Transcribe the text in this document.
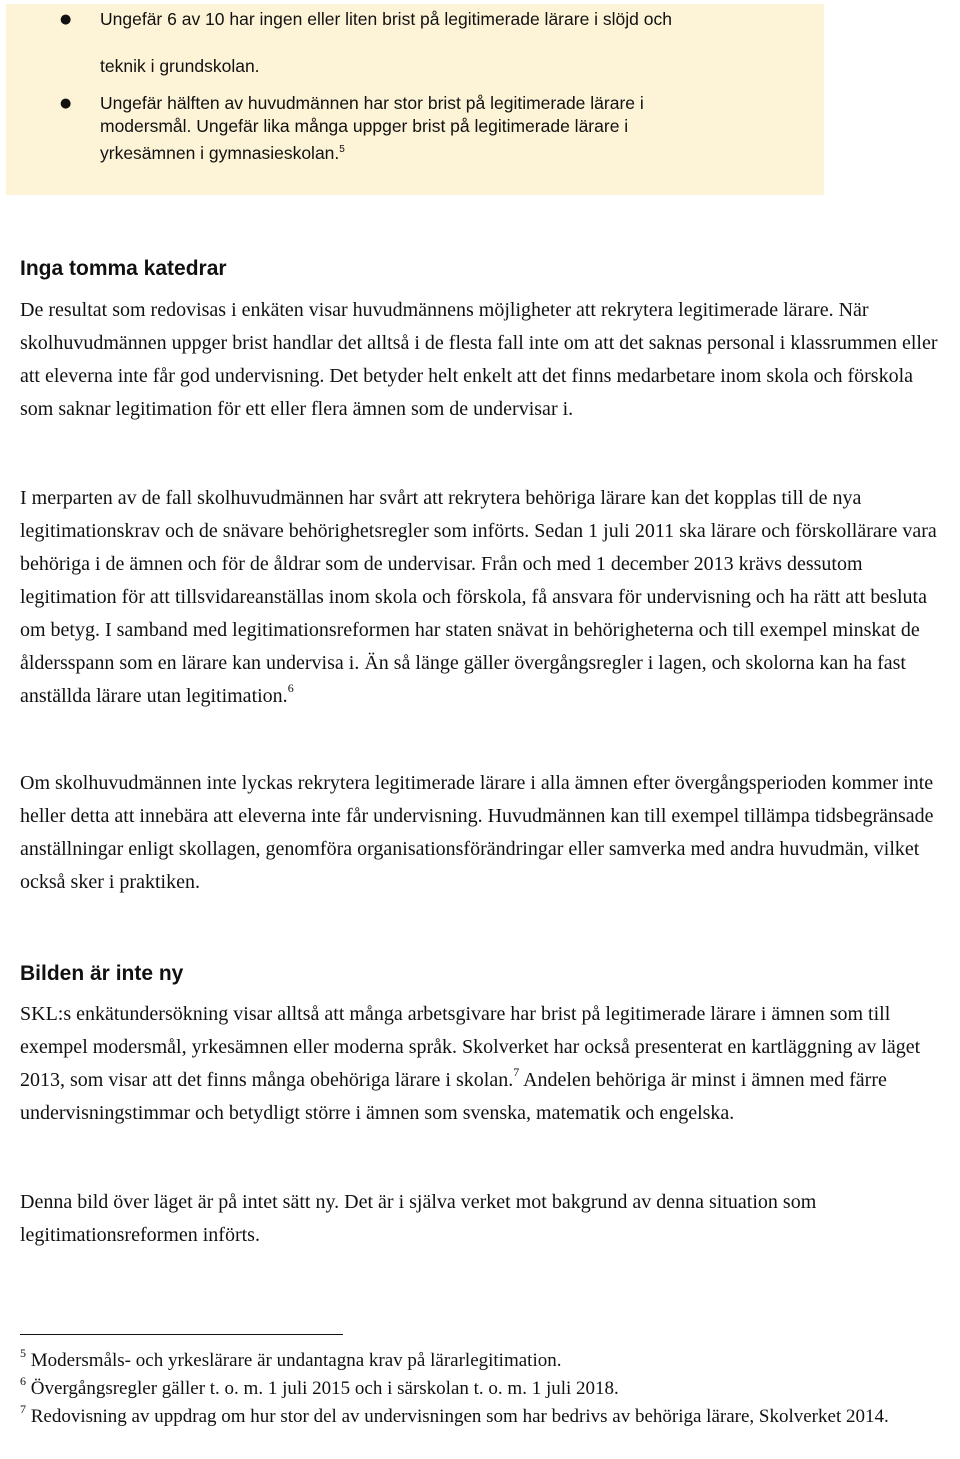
● Ungefär 6 av 10 har ingen eller liten brist på legitimerade lärare i slöjd och
teknik i grundskolan.
● Ungefär hälften av huvudmännen har stor brist på legitimerade lärare i
modersmål. Ungefär lika många uppger brist på legitimerade lärare i
yrkesämnen i gymnasieskolan.$^5$
Inga tomma katedrar

De resultat som redovisas i enkäten visar huvudmännens möjligheter att rekrytera legitimerade lärare. När skolhuvudmännen uppger brist handlar det alltså i de flesta fall inte om att det saknas personal i klassrummen eller att eleverna inte får god undervisning. Det betyder helt enkelt att det finns medarbetare inom skola och förskola som saknar legitimation för ett eller flera ämnen som de undervisar i.

I merparten av de fall skolhuvudmännen har svårt att rekrytera behöriga lärare kan det kopplas till de nya legitimationskrav och de snävare behörighetsregler som införts. Sedan 1 juli 2011 ska lärare och förskollärare vara behöriga i de ämnen och för de åldrar som de undervisar. Från och med 1 december 2013 krävs dessutom legitimation för att tillsvidareanställas inom skola och förskola, få ansvara för undervisning och ha rätt att besluta om betyg. I samband med legitimationsreformen har staten snävat in behörigheterna och till exempel minskat de åldersspann som en lärare kan undervisa i. Än så länge gäller övergångsregler i lagen, och skolorna kan ha fast anställda lärare utan legitimation.$^6$

Om skolhuvudmännen inte lyckas rekrytera legitimerade lärare i alla ämnen efter övergångsperioden kommer inte heller detta att innebära att eleverna inte får undervisning. Huvudmännen kan till exempel tillämpa tidsbegränsade anställningar enligt skollagen, genomföra organisationsförändringar eller samverka med andra huvudmän, vilket också sker i praktiken.

Bilden är inte ny

SKL:s enkätundersökning visar alltså att många arbetsgivare har brist på legitimerade lärare i ämnen som till exempel modersmål, yrkesämnen eller moderna språk. Skolverket har också presenterat en kartläggning av läget 2013, som visar att det finns många obehöriga lärare i skolan.$^7$ Andelen behöriga är minst i ämnen med färre undervisningstimmar och betydligt större i ämnen som svenska, matematik och engelska.

Denna bild över läget är på intet sätt ny. Det är i själva verket mot bakgrund av denna situation som legitimationsreformen införts.

$^5$ Modersmåls- och yrkeslärare är undantagna krav på lärarlegitimation.

$^6$ Övergångsregler gäller t. o. m. 1 juli 2015 och i särskolan t. o. m. 1 juli 2018.

$^7$ Redovisning av uppdrag om hur stor del av undervisningen som har bedrivs av behöriga lärare, Skolverket 2014.
